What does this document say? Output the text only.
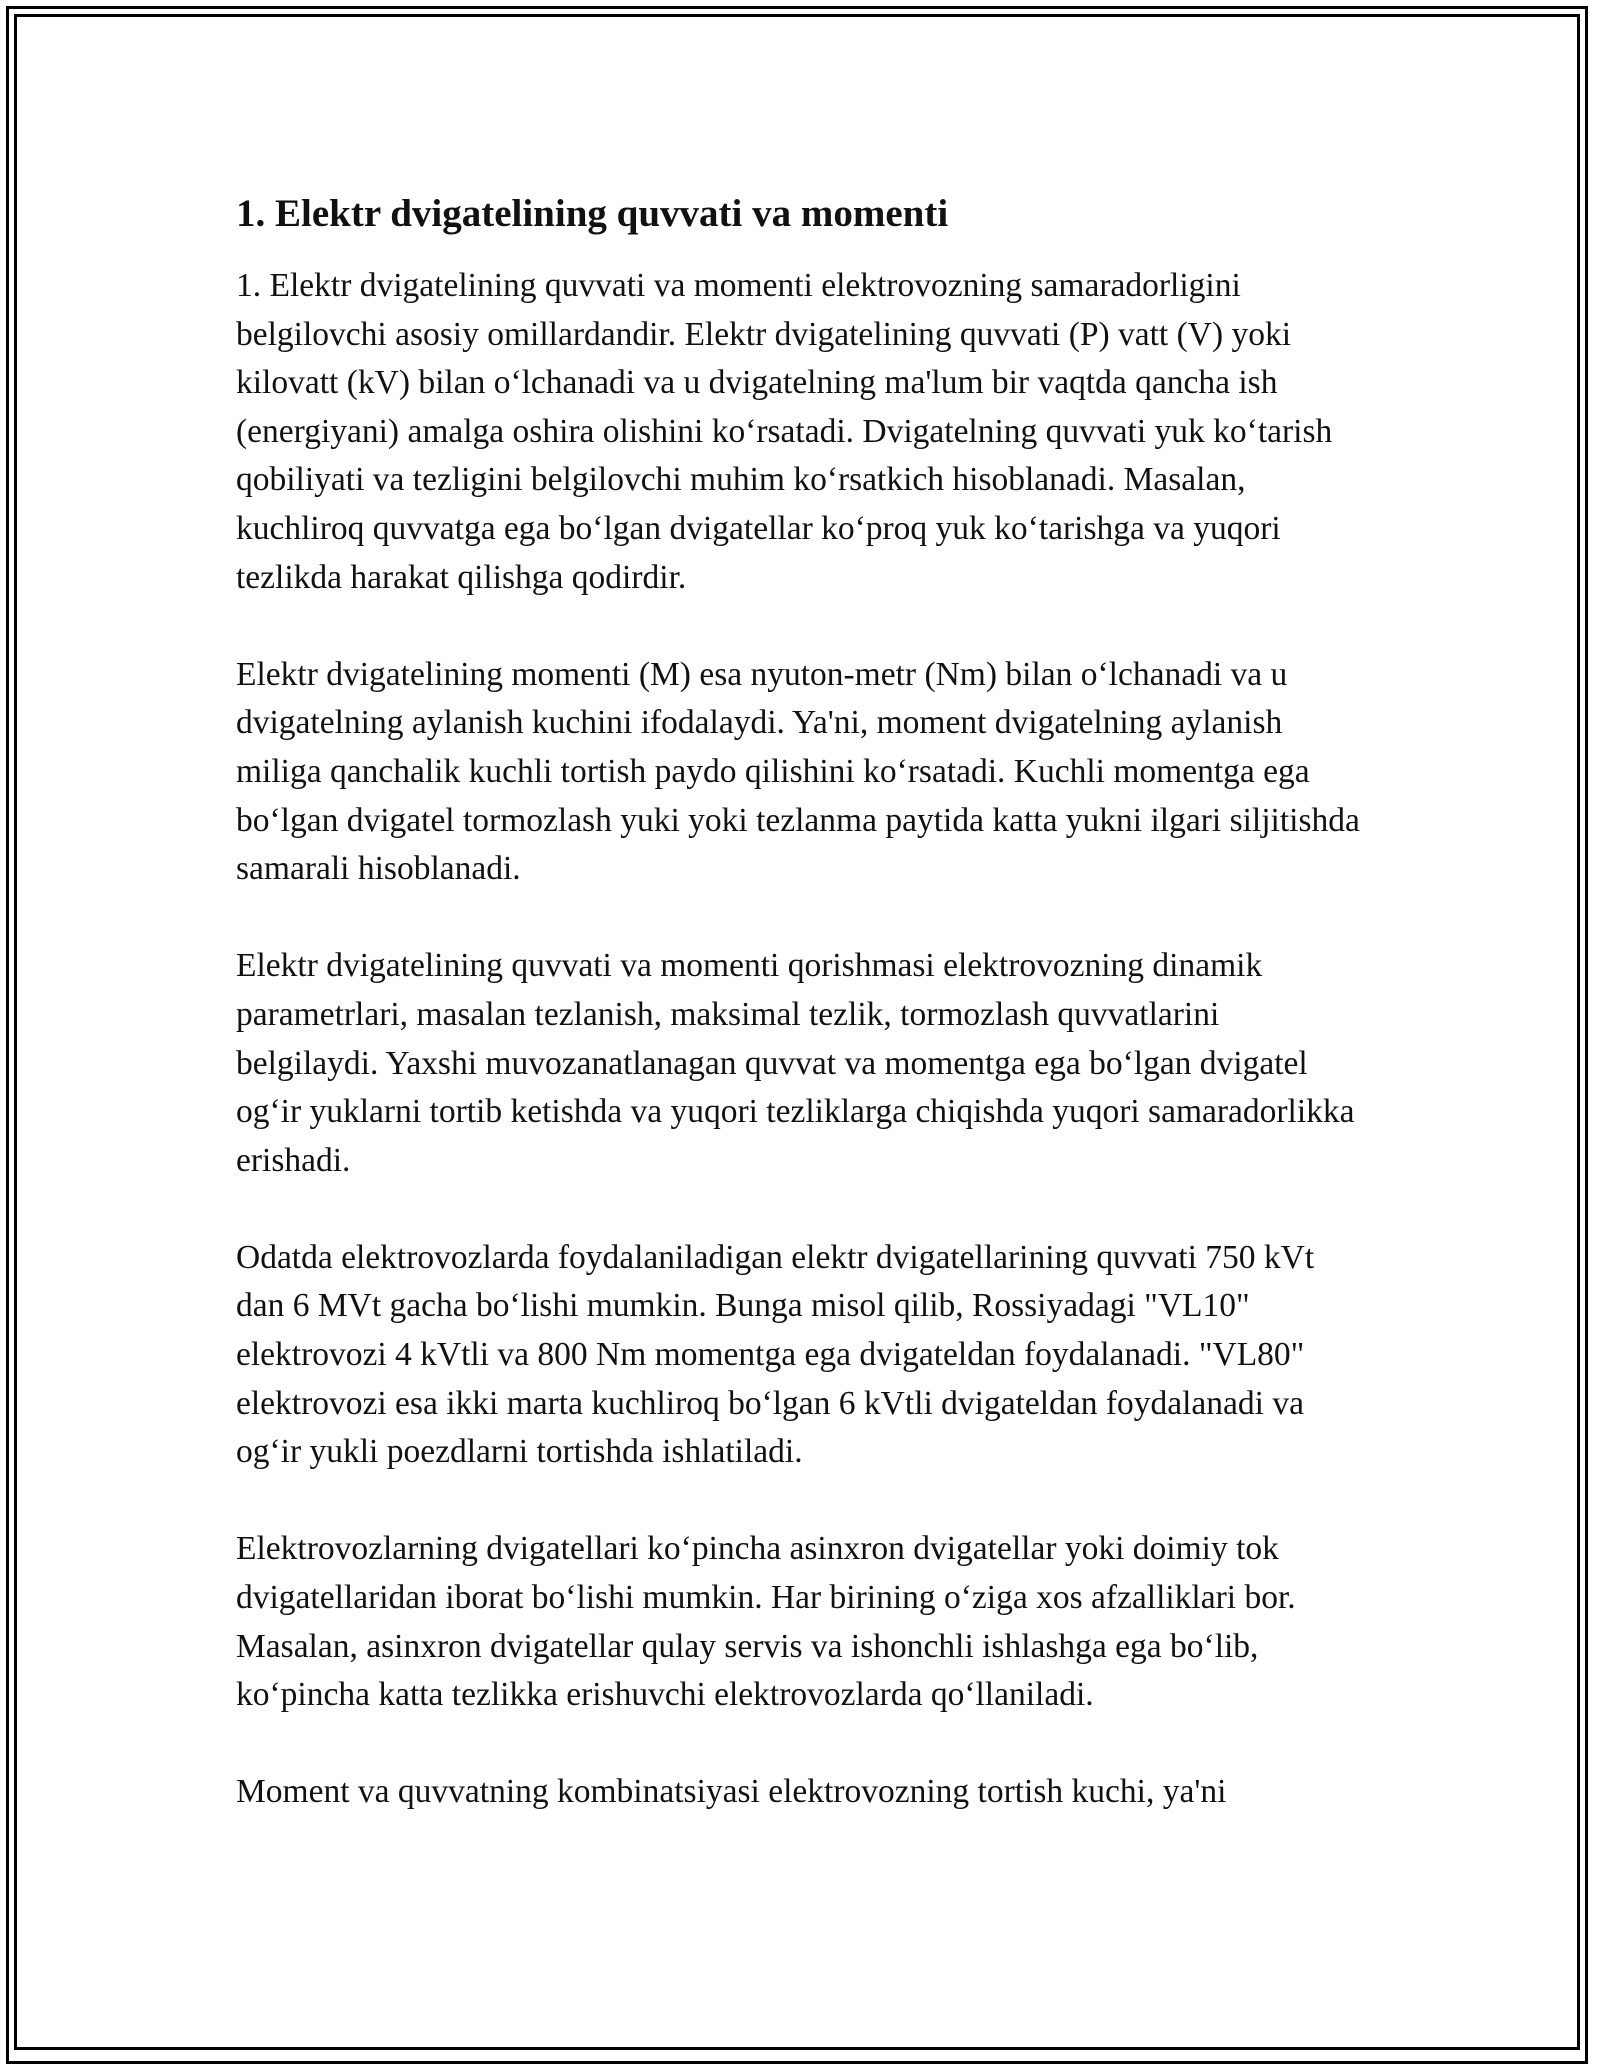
1. Elektr dvigatelining quvvati va momenti

1. Elektr dvigatelining quvvati va momenti elektrovozning samaradorligini belgilovchi asosiy omillardandir. Elektr dvigatelining quvvati (P) vatt (V) yoki kilovatt (kV) bilan oʻlchanadi va u dvigatelning ma'lum bir vaqtda qancha ish (energiyani) amalga oshira olishini koʻrsatadi. Dvigatelning quvvati yuk koʻtarish qobiliyati va tezligini belgilovchi muhim koʻrsatkich hisoblanadi. Masalan, kuchliroq quvvatga ega boʻlgan dvigatellar koʻproq yuk koʻtarishga va yuqori tezlikda harakat qilishga qodirdir.

Elektr dvigatelining momenti (M) esa nyuton-metr (Nm) bilan oʻlchanadi va u dvigatelning aylanish kuchini ifodalaydi. Ya'ni, moment dvigatelning aylanish miliga qanchalik kuchli tortish paydo qilishini koʻrsatadi. Kuchli momentga ega boʻlgan dvigatel tormozlash yuki yoki tezlanma paytida katta yukni ilgari siljitishda samarali hisoblanadi.

Elektr dvigatelining quvvati va momenti qorishmasi elektrovozning dinamik parametrlari, masalan tezlanish, maksimal tezlik, tormozlash quvvatlarini belgilaydi. Yaxshi muvozanatlanagan quvvat va momentga ega boʻlgan dvigatel ogʻir yuklarni tortib ketishda va yuqori tezliklarga chiqishda yuqori samaradorlikka erishadi.

Odatda elektrovozlarda foydalaniladigan elektr dvigatellarining quvvati 750 kVt dan 6 MVt gacha boʻlishi mumkin. Bunga misol qilib, Rossiyadagi "VL10" elektrovozi 4 kVtli va 800 Nm momentga ega dvigateldan foydalanadi. "VL80" elektrovozi esa ikki marta kuchliroq boʻlgan 6 kVtli dvigateldan foydalanadi va ogʻir yukli poezdlarni tortishda ishlatiladi.

Elektrovozlarning dvigatellari koʻpincha asinxron dvigatellar yoki doimiy tok dvigatellaridan iborat boʻlishi mumkin. Har birining oʻziga xos afzalliklari bor. Masalan, asinxron dvigatellar qulay servis va ishonchli ishlashga ega boʻlib, koʻpincha katta tezlikka erishuvchi elektrovozlarda qoʻllaniladi.

Moment va quvvatning kombinatsiyasi elektrovozning tortish kuchi, ya'ni
